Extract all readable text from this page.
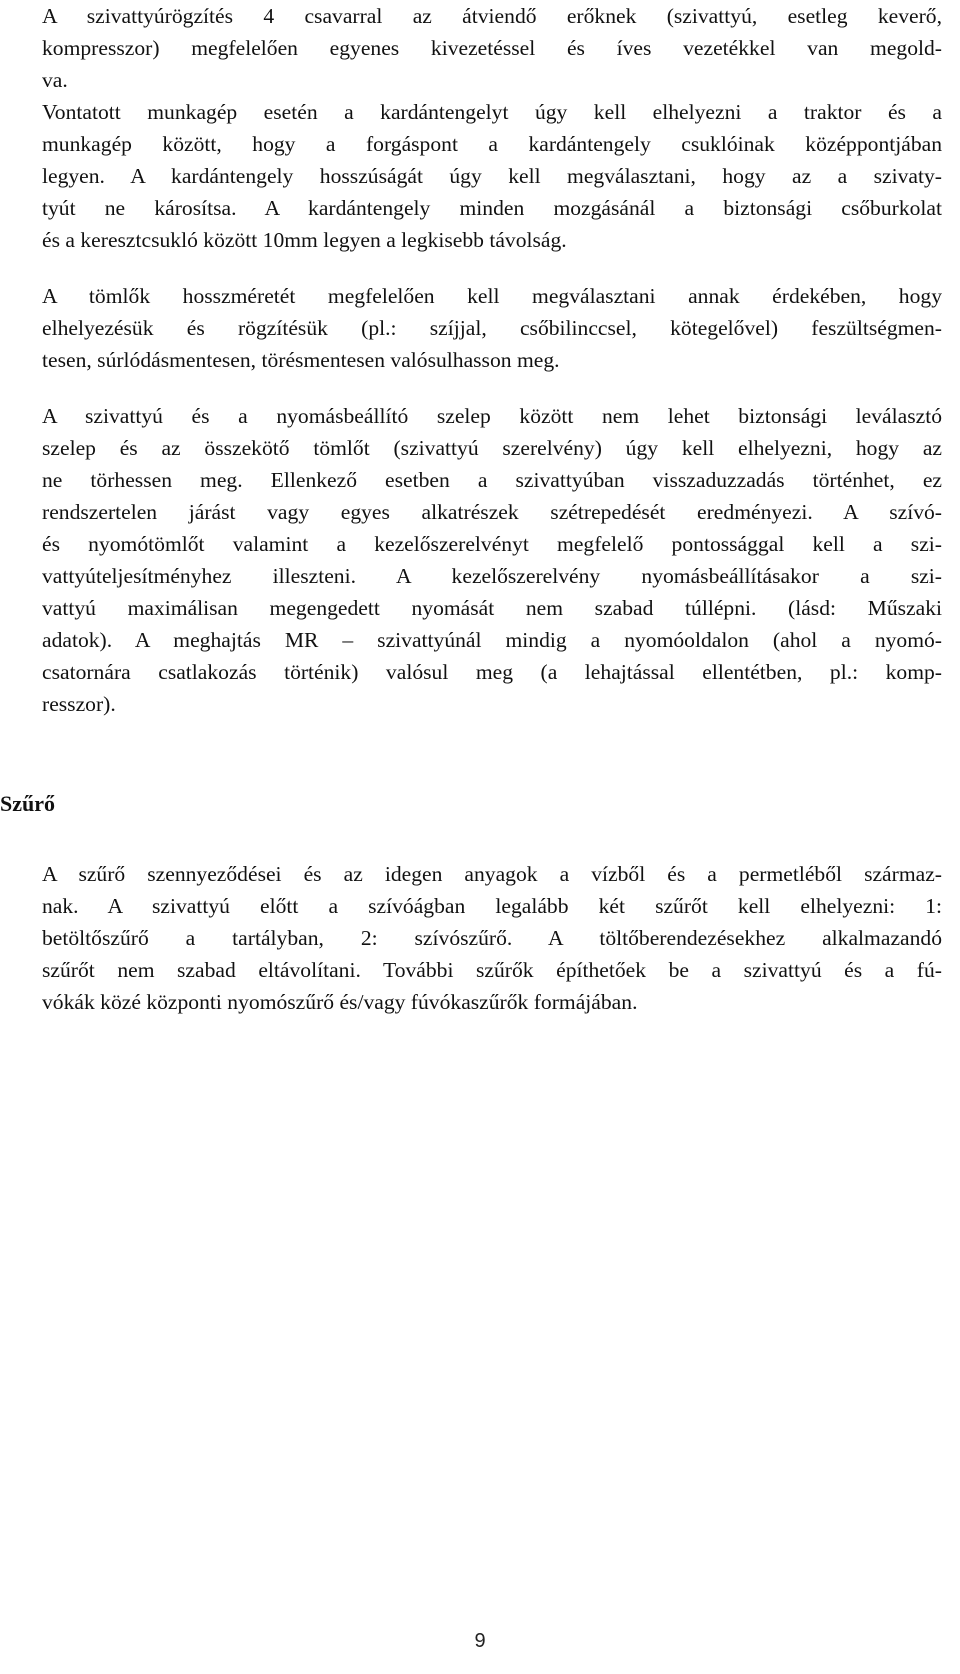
A szivattyúrögzítés 4 csavarral az átviendő erőknek (szivattyú, esetleg keverő,
kompresszor) megfelelően egyenes kivezetéssel és íves vezetékkel van megold-
va.
Vontatott munkagép esetén a kardántengelyt úgy kell elhelyezni a traktor és a
munkagép között, hogy a forgáspont a kardántengely csuklóinak középpontjában
legyen. A kardántengely hosszúságát úgy kell megválasztani, hogy az a szivaty-
tyút ne károsítsa. A kardántengely minden mozgásánál a biztonsági csőburkolat
és a keresztcsukló között 10mm legyen a legkisebb távolság.
A tömlők hosszméretét megfelelően kell megválasztani annak érdekében, hogy
elhelyezésük és rögzítésük (pl.: szíjjal, csőbilinccsel, kötegelővel) feszültségmen-
tesen, súrlódásmentesen, törésmentesen valósulhasson meg.
A szivattyú és a nyomásbeállító szelep között nem lehet biztonsági leválasztó
szelep és az összekötő tömlőt (szivattyú szerelvény) úgy kell elhelyezni, hogy az
ne törhessen meg. Ellenkező esetben a szivattyúban visszaduzzadás történhet, ez
rendszertelen járást vagy egyes alkatrészek szétrepedését eredményezi. A szívó-
és nyomótömlőt valamint a kezelőszerelvényt megfelelő pontossággal kell a szi-
vattyúteljesítményhez illeszteni. A kezelőszerelvény nyomásbeállításakor a szi-
vattyú maximálisan megengedett nyomását nem szabad túllépni. (lásd: Műszaki
adatok). A meghajtás MR – szivattyúnál mindig a nyomóoldalon (ahol a nyomó-
csatornára csatlakozás történik) valósul meg (a lehajtással ellentétben, pl.: komp-
resszor).
Szűrő
A szűrő szennyeződései és az idegen anyagok a vízből és a permetléből származ-
nak. A szivattyú előtt a szívóágban legalább két szűrőt kell elhelyezni: 1:
betöltőszűrő a tartályban, 2: szívószűrő. A töltőberendezésekhez alkalmazandó
szűrőt nem szabad eltávolítani. További szűrők építhetőek be a szivattyú és a fú-
vókák közé központi nyomószűrő és/vagy fúvókaszűrők formájában.
9
